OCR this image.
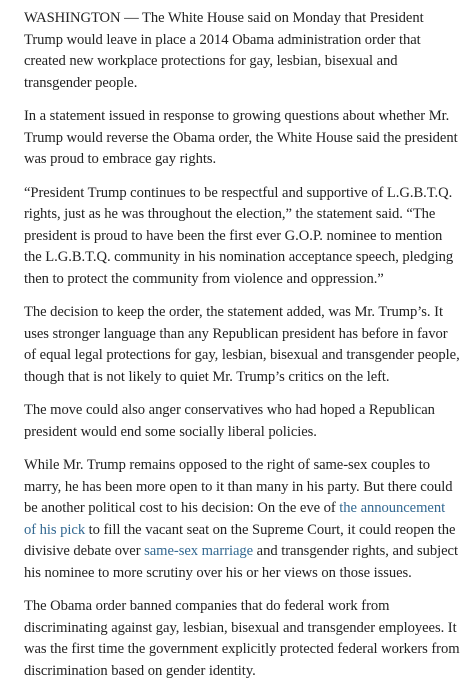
WASHINGTON — The White House said on Monday that President Trump would leave in place a 2014 Obama administration order that created new workplace protections for gay, lesbian, bisexual and transgender people.

In a statement issued in response to growing questions about whether Mr. Trump would reverse the Obama order, the White House said the president was proud to embrace gay rights.

“President Trump continues to be respectful and supportive of L.G.B.T.Q. rights, just as he was throughout the election,” the statement said. “The president is proud to have been the first ever G.O.P. nominee to mention the L.G.B.T.Q. community in his nomination acceptance speech, pledging then to protect the community from violence and oppression.”

The decision to keep the order, the statement added, was Mr. Trump’s. It uses stronger language than any Republican president has before in favor of equal legal protections for gay, lesbian, bisexual and transgender people, though that is not likely to quiet Mr. Trump’s critics on the left.

The move could also anger conservatives who had hoped a Republican president would end some socially liberal policies.

While Mr. Trump remains opposed to the right of same-sex couples to marry, he has been more open to it than many in his party. But there could be another political cost to his decision: On the eve of the announcement of his pick to fill the vacant seat on the Supreme Court, it could reopen the divisive debate over same-sex marriage and transgender rights, and subject his nominee to more scrutiny over his or her views on those issues.

The Obama order banned companies that do federal work from discriminating against gay, lesbian, bisexual and transgender employees. It was the first time the government explicitly protected federal workers from discrimination based on gender identity.
